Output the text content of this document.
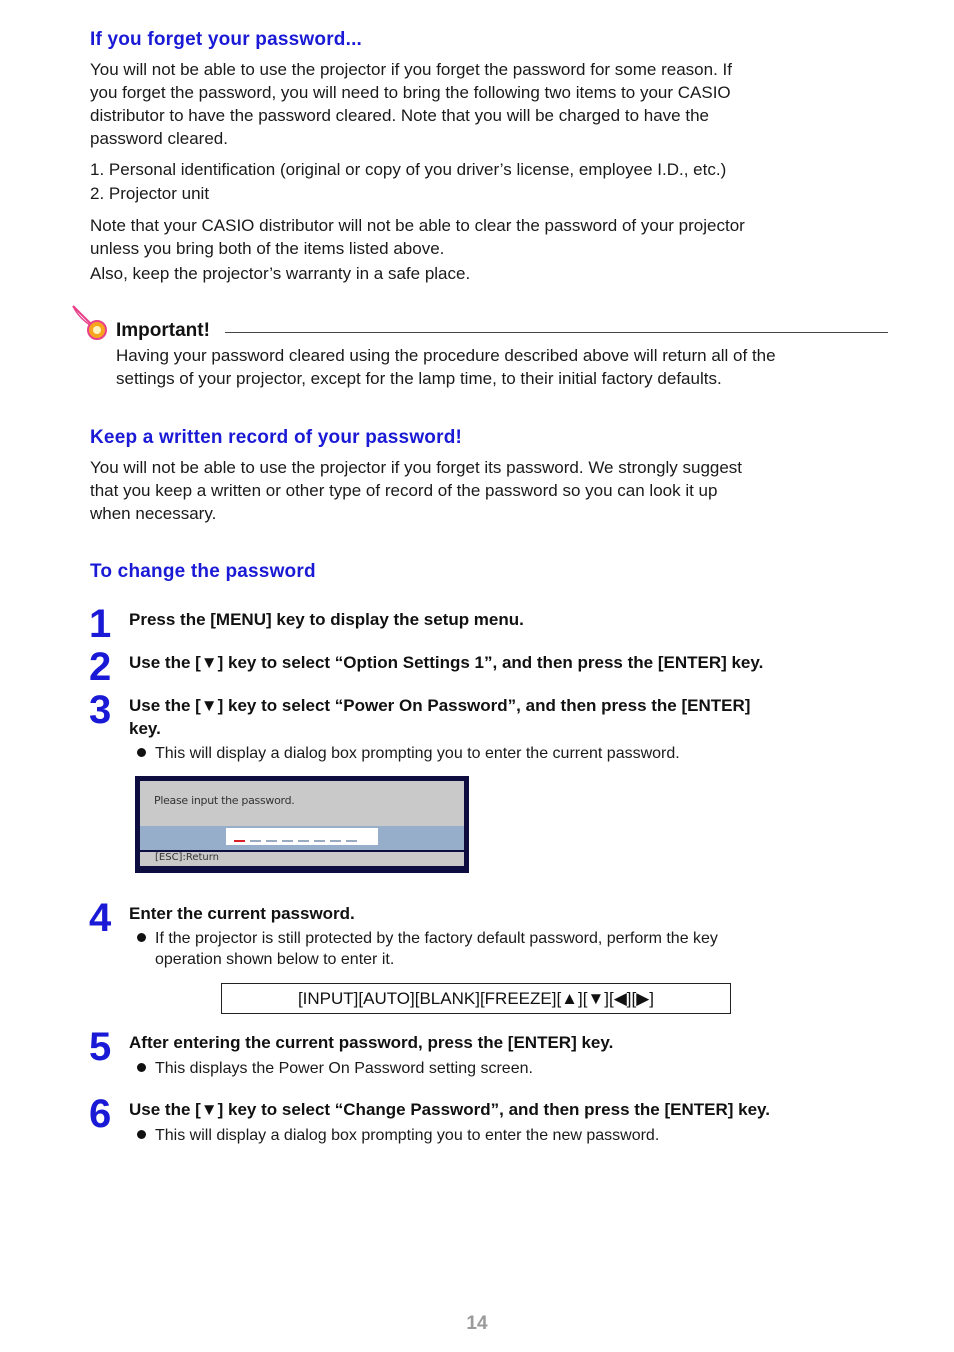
If you forget your password...
You will not be able to use the projector if you forget the password for some reason. If
you forget the password, you will need to bring the following two items to your CASIO
distributor to have the password cleared. Note that you will be charged to have the
password cleared.
1. Personal identification (original or copy of you driver’s license, employee I.D., etc.)
2. Projector unit
Note that your CASIO distributor will not be able to clear the password of your projector
unless you bring both of the items listed above.
Also, keep the projector’s warranty in a safe place.
Important!
Having your password cleared using the procedure described above will return all of the
settings of your projector, except for the lamp time, to their initial factory defaults.
Keep a written record of your password!
You will not be able to use the projector if you forget its password. We strongly suggest
that you keep a written or other type of record of the password so you can look it up
when necessary.
To change the password
1 Press the [MENU] key to display the setup menu.
2 Use the [▼] key to select “Option Settings 1”, and then press the [ENTER] key.
3 Use the [▼] key to select “Power On Password”, and then press the [ENTER]
key.
This will display a dialog box prompting you to enter the current password.
Please input the password.
[ESC]:Return
4 Enter the current password.
If the projector is still protected by the factory default password, perform the key
operation shown below to enter it.
[INPUT][AUTO][BLANK][FREEZE][▲][▼][◀][▶]
5 After entering the current password, press the [ENTER] key.
This displays the Power On Password setting screen.
6 Use the [▼] key to select “Change Password”, and then press the [ENTER] key.
This will display a dialog box prompting you to enter the new password.
14
